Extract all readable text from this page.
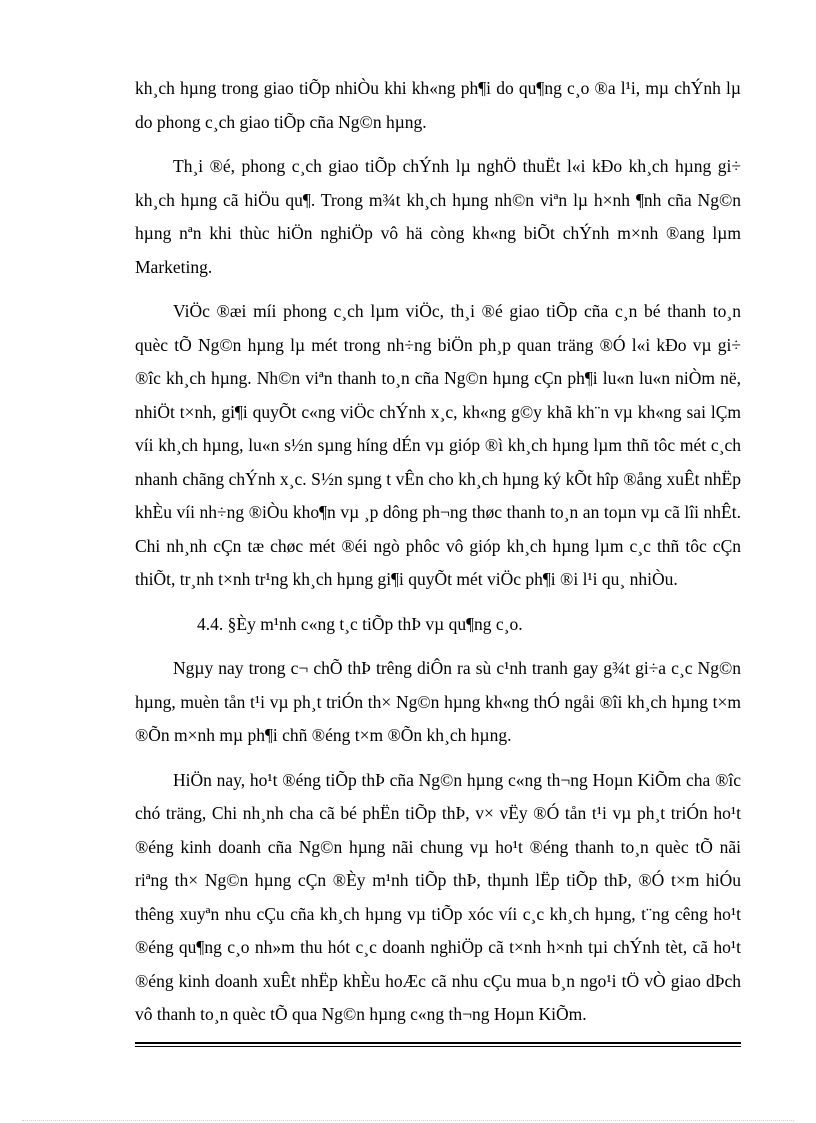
kh¸ch hµng trong giao tiÕp nhiÒu khi kh«ng ph¶i do qu¶ng c¸o ®a l¹i, mµ chÝnh lµ do phong c¸ch giao tiÕp cña Ng©n hµng.

Th¸i ®é, phong c¸ch giao tiÕp chÝnh lµ nghÖ thuËt l«i kÐo kh¸ch hµng gi÷ kh¸ch hµng cã hiÖu qu¶. Trong m¾t kh¸ch hµng nh©n viªn lµ h×nh ¶nh cña Ng©n hµng nªn khi thùc hiÖn nghiÖp vô hä còng kh«ng biÕt chÝnh m×nh ®ang lµm Marketing.

ViÖc ®æi míi phong c¸ch lµm viÖc, th¸i ®é giao tiÕp cña c¸n bé thanh to¸n quèc tÕ Ng©n hµng lµ mét trong nh÷ng biÖn ph¸p quan träng ®Ó l«i kÐo vµ gi÷ ®îc kh¸ch hµng. Nh©n viªn thanh to¸n cña Ng©n hµng cÇn ph¶i lu«n lu«n niÒm në, nhiÖt t×nh, gi¶i quyÕt c«ng viÖc chÝnh x¸c, kh«ng g©y khã kh¨n vµ kh«ng sai lÇm víi kh¸ch hµng, lu«n s½n sµng híng dÉn vµ gióp ®ì kh¸ch hµng lµm thñ tôc mét c¸ch nhanh chãng chÝnh x¸c. S½n sµng t vÊn cho kh¸ch hµng ký kÕt hîp ®ång xuÊt nhËp khÈu víi nh÷ng ®iÒu kho¶n vµ ¸p dông ph¬ng thøc thanh to¸n an toµn vµ cã lîi nhÊt. Chi nh¸nh cÇn tæ chøc mét ®éi ngò phôc vô gióp kh¸ch hµng lµm c¸c thñ tôc cÇn thiÕt, tr¸nh t×nh tr¹ng kh¸ch hµng gi¶i quyÕt mét viÖc ph¶i ®i l¹i qu¸ nhiÒu.

4.4. §Èy m¹nh c«ng t¸c tiÕp thÞ vµ qu¶ng c¸o.

Ngµy nay trong c¬ chÕ thÞ trêng diÔn ra sù c¹nh tranh gay g¾t gi÷a c¸c Ng©n hµng, muèn tån t¹i vµ ph¸t triÓn th× Ng©n hµng kh«ng thÓ ngåi ®îi kh¸ch hµng t×m ®Õn m×nh mµ ph¶i chñ ®éng t×m ®Õn kh¸ch hµng.

HiÖn nay, ho¹t ®éng tiÕp thÞ cña Ng©n hµng c«ng th¬ng Hoµn KiÕm cha ®îc chó träng, Chi nh¸nh cha cã bé phËn tiÕp thÞ, v× vËy ®Ó tån t¹i vµ ph¸t triÓn ho¹t ®éng kinh doanh cña Ng©n hµng nãi chung vµ ho¹t ®éng thanh to¸n quèc tÕ nãi riªng th× Ng©n hµng cÇn ®Èy m¹nh tiÕp thÞ, thµnh lËp tiÕp thÞ, ®Ó t×m hiÓu thêng xuyªn nhu cÇu cña kh¸ch hµng vµ tiÕp xóc víi c¸c kh¸ch hµng, t¨ng cêng ho¹t ®éng qu¶ng c¸o nh»m thu hót c¸c doanh nghiÖp cã t×nh h×nh tµi chÝnh tèt, cã ho¹t ®éng kinh doanh xuÊt nhËp khÈu hoÆc cã nhu cÇu mua b¸n ngo¹i tÖ vÒ giao dÞch vô thanh to¸n quèc tÕ qua Ng©n hµng c«ng th¬ng Hoµn KiÕm.
